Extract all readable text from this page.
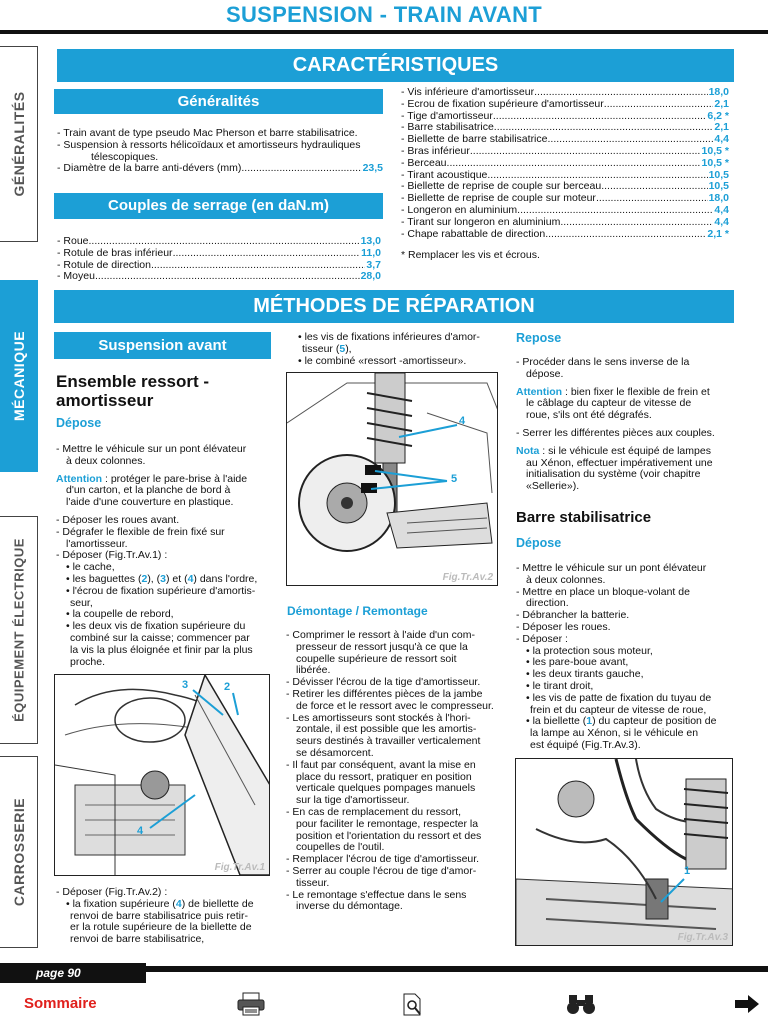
SUSPENSION - TRAIN AVANT
GÉNÉRALITÉS
MÉCANIQUE
ÉQUIPEMENT ÉLECTRIQUE
CARROSSERIE
CARACTÉRISTIQUES
Généralités

- Train avant de type pseudo Mac Pherson et barre stabilisatrice.

- Suspension à ressorts hélicoïdaux et amortisseurs hydrauliques

télescopiques.

- Diamètre de la barre anti-dévers (mm) .....	23,5
Couples de serrage (en daN.m)
- Roue .....	13,0
- Rotule de bras inférieur .....	11,0
- Rotule de direction .....	3,7
- Moyeu .....	28,0
- Vis inférieure d'amortisseur .....	18,0
- Ecrou de fixation supérieure d'amortisseur .....	2,1
- Tige d'amortisseur .....	6,2 *
- Barre stabilisatrice .....	2,1
- Biellette de barre stabilisatrice .....	4,4
- Bras inférieur .....	10,5 *
- Berceau .....	10,5 *
- Tirant acoustique .....	10,5
- Biellette de reprise de couple sur berceau .....	10,5
- Biellette de reprise de couple sur moteur .....	18,0
- Longeron en aluminium .....	4,4
- Tirant sur longeron en aluminium .....	4,4
- Chape rabattable de direction .....	2,1 *
* Remplacer les vis et écrous.
MÉTHODES DE RÉPARATION
Suspension avant
Ensemble ressort - amortisseur
Dépose

- Mettre le véhicule sur un pont élévateur

à deux colonnes.

Attention : protéger le pare-brise à l'aide

d'un carton, et la planche de bord à

l'aide d'une couverture en plastique.

- Déposer les roues avant.

- Dégrafer le flexible de frein fixé sur

l'amortisseur.

- Déposer (Fig.Tr.Av.1) :

• le cache,

• les baguettes (2), (3) et (4) dans l'ordre,

• l'écrou de fixation supérieure d'amortis-

seur,

• la coupelle de rebord,

• les deux vis de fixation supérieure du

combiné sur la caisse; commencer par

la vis la plus éloignée et finir par la plus

proche.

3	2
4
Fig.Tr.Av.1

- Déposer (Fig.Tr.Av.2) :

• la fixation supérieure (4) de biellette de

renvoi de barre stabilisatrice puis retir-

er la rotule supérieure de la biellette de

renvoi de barre stabilisatrice,

• les vis de fixations inférieures d'amor-

tisseur (5),

• le combiné «ressort -amortisseur».

4
5
Fig.Tr.Av.2
Démontage / Remontage

- Comprimer le ressort à l'aide d'un com-

presseur de ressort jusqu'à ce que la

coupelle supérieure de ressort soit

libérée.

- Dévisser l'écrou de la tige d'amortisseur.

- Retirer les différentes pièces de la jambe

de force et le ressort avec le compresseur.

- Les amortisseurs sont stockés à l'hori-

zontale, il est possible que les amortis-

seurs destinés à travailler verticalement

se désamorcent.

- Il faut par conséquent, avant la mise en

place du ressort, pratiquer en position

verticale quelques pompages manuels

sur la tige d'amortisseur.

- En cas de remplacement du ressort,

pour faciliter le remontage, respecter la

position et l'orientation du ressort et des

coupelles de l'outil.

- Remplacer l'écrou de tige d'amortisseur.

- Serrer au couple l'écrou de tige d'amor-

tisseur.

- Le remontage s'effectue dans le sens

inverse du démontage.

Repose

- Procéder dans le sens inverse de la

dépose.

Attention : bien fixer le flexible de frein et

le câblage du capteur de vitesse de

roue, s'ils ont été dégrafés.

- Serrer les différentes pièces aux couples.

Nota : si le véhicule est équipé de lampes

au Xénon, effectuer impérativement une

initialisation du système (voir chapitre

«Sellerie»).

Barre stabilisatrice
Dépose

- Mettre le véhicule sur un pont élévateur

à deux colonnes.

- Mettre en place un bloque-volant de

direction.

- Débrancher la batterie.

- Déposer les roues.

- Déposer :

• la protection sous moteur,

• les pare-boue avant,

• les deux tirants gauche,

• le tirant droit,

• les vis de patte de fixation du tuyau de

frein et du capteur de vitesse de roue,

• la biellette (1) du capteur de position de

la lampe au Xénon, si le véhicule en

est équipé (Fig.Tr.Av.3).

1
Fig.Tr.Av.3
page 90
Sommaire
